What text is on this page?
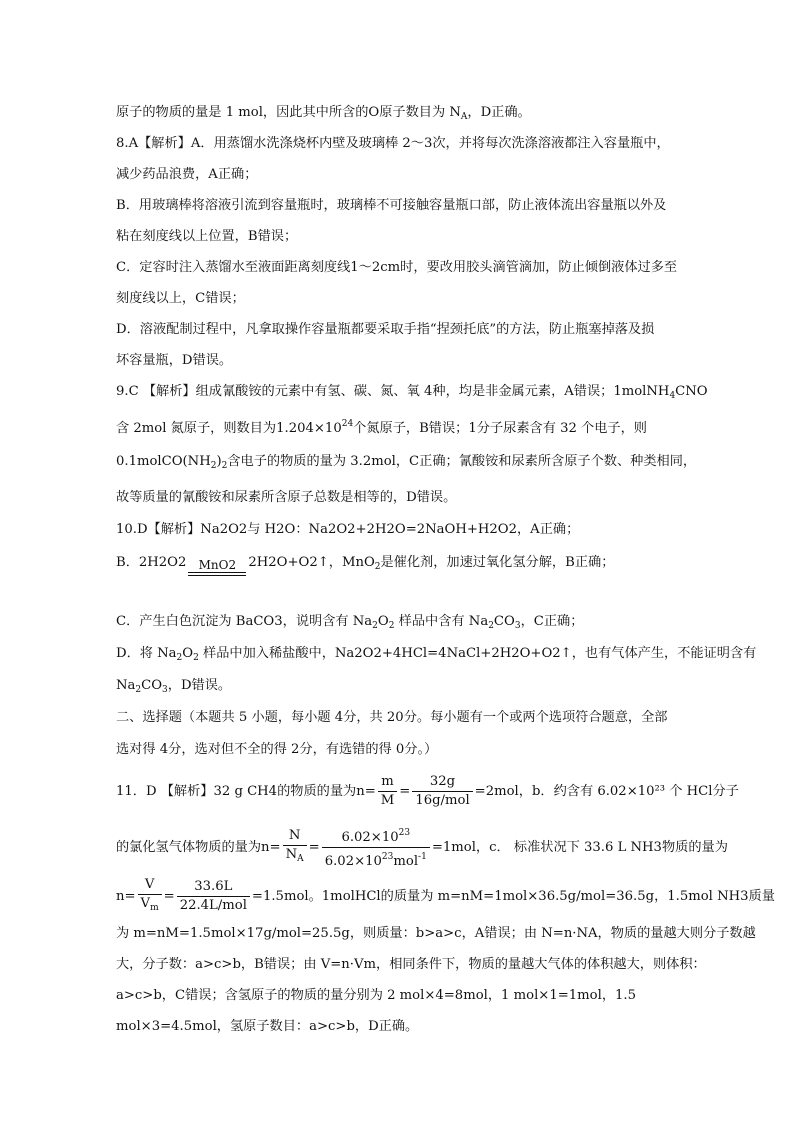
原子的物质的量是 1 mol，因此其中所含的O原子数目为 $N_A$，D正确。
8.A【解析】A．用蒸馏水洗涤烧杯内壁及玻璃棒 2～3次，并将每次洗涤溶液都注入容量瓶中，
减少药品浪费，A正确；
B．用玻璃棒将溶液引流到容量瓶时，玻璃棒不可接触容量瓶口部，防止液体流出容量瓶以外及
粘在刻度线以上位置，B错误；
C．定容时注入蒸馏水至液面距离刻度线1～2cm时，要改用胶头滴管滴加，防止倾倒液体过多至
刻度线以上，C错误；
D．溶液配制过程中，凡拿取操作容量瓶都要采取手指“捏颈托底”的方法，防止瓶塞掉落及损
坏容量瓶，D错误。
9.C 【解析】组成氰酸铵的元素中有氢、碳、氮、氧 4种，均是非金属元素，A错误；1molNH$_4$CNO
含 2mol 氮原子，则数目为$1.204\times 10^{24}$个氮原子，B错误；1分子尿素含有 32 个电子，则
$0.1molCO(NH_2)_2$含电子的物质的量为 3.2mol，C正确；氰酸铵和尿素所含原子个数、种类相同，
故等质量的氰酸铵和尿素所含原子总数是相等的，D错误。
10.D【解析】Na2O2与 H2O：Na2O2+2H2O=2NaOH+H2O2，A正确；
B．2H2O2	MnO2 2H2O+O2↑，MnO$_2$是催化剂，加速过氧化氢分解，B正确；
C．产生白色沉淀为 BaCO3，说明含有 $Na_2O_2$ 样品中含有 $Na_2CO_3$，C正确；
D．将 $Na_2O_2$ 样品中加入稀盐酸中，Na2O2+4HCl=4NaCl+2H2O+O2↑，也有气体产生，不能证明含有
$Na_2CO_3$，D错误。
二、选择题（本题共 5 小题，每小题 4分，共 20分。每小题有一个或两个选项符合题意，全部
选对得 4分，选对但不全的得 2分，有选错的得 0分。）
11．D 【解析】32 g CH4的物质的量为$n= \frac{m}{M} = \frac{32g}{\text{16g/mol}} =2mol$，b．约含有 6.02×10²³ 个 HCl分子
的氯化氢气体物质的量为$n= \frac{N}{N_A} = \frac{6.02\times 10^{23}}{6.02\times 10^{23}mol^{-1}} =1mol$，c． 标准状况下 33.6 L NH3物质的量为
$n= \frac{V}{V_m} = \frac{33.6L}{\text{22.4L/mol}} =1.5mol$。1molHCl的质量为 m=nM=1mol×36.5g/mol=36.5g，1.5mol NH3质量
为 m=nM=1.5mol×17g/mol=25.5g，则质量：b>a>c，A错误；由 N=n·NA，物质的量越大则分子数越
大，分子数：a>c>b，B错误；由 V=n·Vm，相同条件下，物质的量越大气体的体积越大，则体积：
a>c>b，C错误；含氢原子的物质的量分别为 2 mol×4=8mol，1 mol×1=1mol，1.5
mol×3=4.5mol，氢原子数目：a>c>b，D正确。
